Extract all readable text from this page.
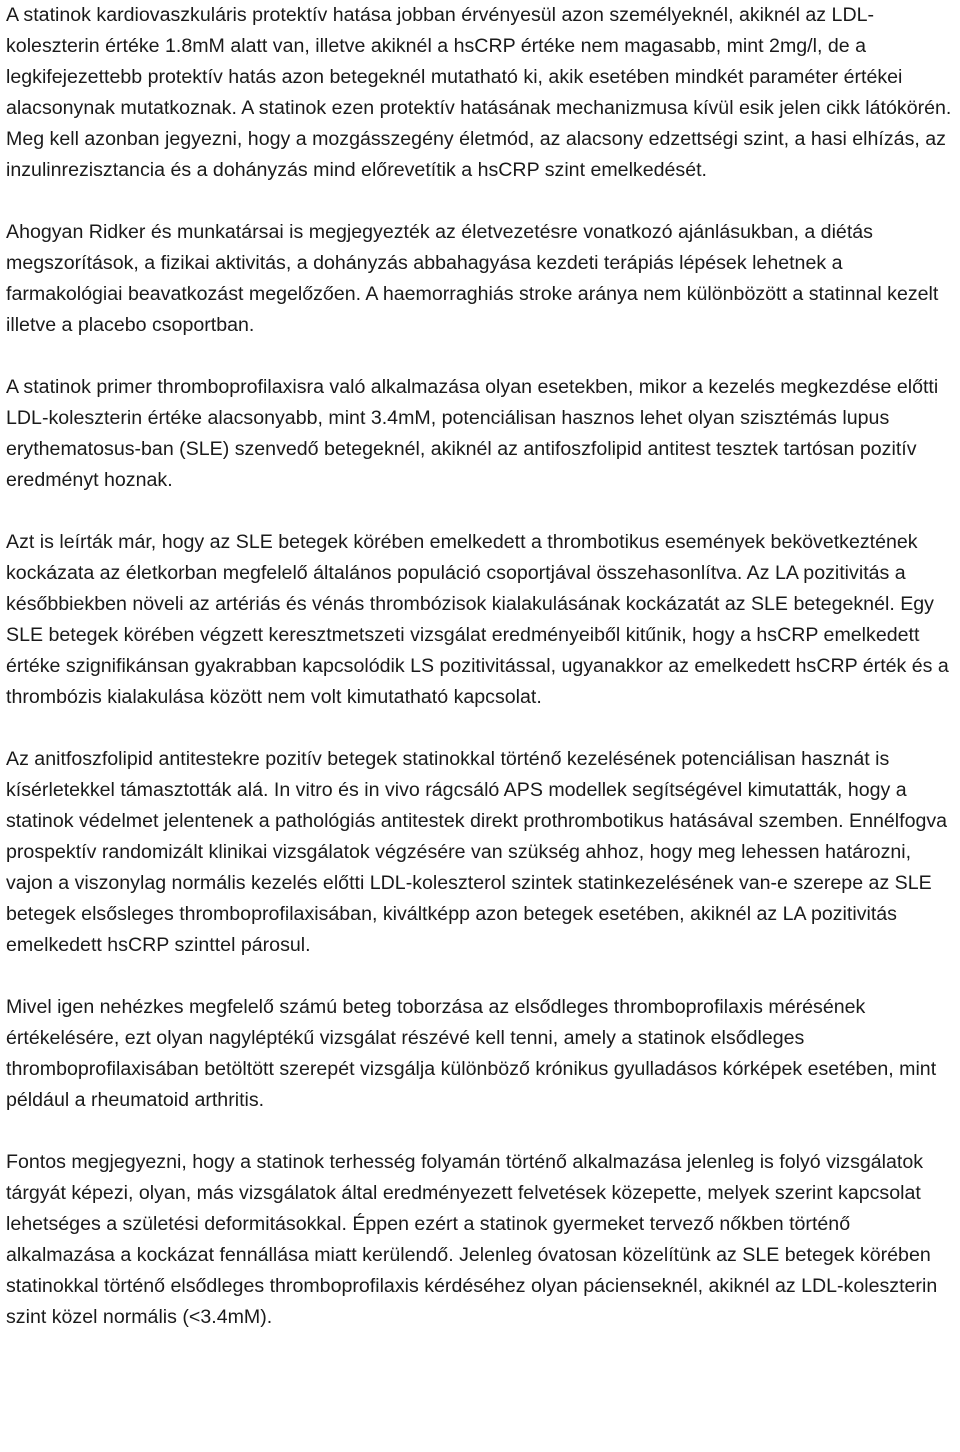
A statinok kardiovaszkuláris protektív hatása jobban érvényesül azon személyeknél, akiknél az LDL-koleszterin értéke 1.8mM alatt van, illetve akiknél a hsCRP értéke nem magasabb, mint 2mg/l, de a legkifejezettebb protektív hatás azon betegeknél mutatható ki, akik esetében mindkét paraméter értékei alacsonynak mutatkoznak. A statinok ezen protektív hatásának mechanizmusa kívül esik jelen cikk látókörén. Meg kell azonban jegyezni, hogy a mozgásszegény életmód, az alacsony edzettségi szint, a hasi elhízás, az inzulinrezisztancia és a dohányzás mind előrevetítik a hsCRP szint emelkedését.

Ahogyan Ridker és munkatársai is megjegyezték az életvezetésre vonatkozó ajánlásukban, a diétás megszorítások, a fizikai aktivitás, a dohányzás abbahagyása kezdeti terápiás lépések lehetnek a farmakológiai beavatkozást megelőzően. A haemorraghiás stroke aránya nem különbözött a statinnal kezelt illetve a placebo csoportban.

A statinok primer thromboprofilaxisra való alkalmazása olyan esetekben, mikor a kezelés megkezdése előtti LDL-koleszterin értéke alacsonyabb, mint 3.4mM, potenciálisan hasznos lehet olyan szisztémás lupus erythematosus-ban (SLE) szenvedő betegeknél, akiknél az antifoszfolipid antitest tesztek tartósan pozitív eredményt hoznak.

Azt is leírták már, hogy az SLE betegek körében emelkedett a thrombotikus események bekövetkeztének kockázata az életkorban megfelelő általános populáció csoportjával összehasonlítva. Az LA pozitivitás a későbbiekben növeli az artériás és vénás thrombózisok kialakulásának kockázatát az SLE betegeknél. Egy SLE betegek körében végzett keresztmetszeti vizsgálat eredményeiből kitűnik, hogy a hsCRP emelkedett értéke szignifikánsan gyakrabban kapcsolódik LS pozitivitással, ugyanakkor az emelkedett hsCRP érték és a thrombózis kialakulása között nem volt kimutatható kapcsolat.

Az anitfoszfolipid antitestekre pozitív betegek statinokkal történő kezelésének potenciálisan hasznát is kísérletekkel támasztották alá. In vitro és in vivo rágcsáló APS modellek segítségével kimutatták, hogy a statinok védelmet jelentenek a pathológiás antitestek direkt prothrombotikus hatásával szemben. Ennélfogva prospektív randomizált klinikai vizsgálatok végzésére van szükség ahhoz, hogy meg lehessen határozni, vajon a viszonylag normális kezelés előtti LDL-koleszterol szintek statinkezelésének van-e szerepe az SLE betegek elsősleges thromboprofilaxisában, kiváltképp azon betegek esetében, akiknél az LA pozitivitás emelkedett hsCRP szinttel párosul.

Mivel igen nehézkes megfelelő számú beteg toborzása az elsődleges thromboprofilaxis mérésének értékelésére, ezt olyan nagyléptékű vizsgálat részévé kell tenni, amely a statinok elsődleges thromboprofilaxisában betöltött szerepét vizsgálja különböző krónikus gyulladásos kórképek esetében, mint például a rheumatoid arthritis.

Fontos megjegyezni, hogy a statinok terhesség folyamán történő alkalmazása jelenleg is folyó vizsgálatok tárgyát képezi, olyan, más vizsgálatok által eredményezett felvetések közepette, melyek szerint kapcsolat lehetséges a születési deformitásokkal. Éppen ezért a statinok gyermeket tervező nőkben történő alkalmazása a kockázat fennállása miatt kerülendő. Jelenleg óvatosan közelítünk az SLE betegek körében statinokkal történő elsődleges thromboprofilaxis kérdéséhez olyan pácienseknél, akiknél az LDL-koleszterin szint közel normális (<3.4mM).
